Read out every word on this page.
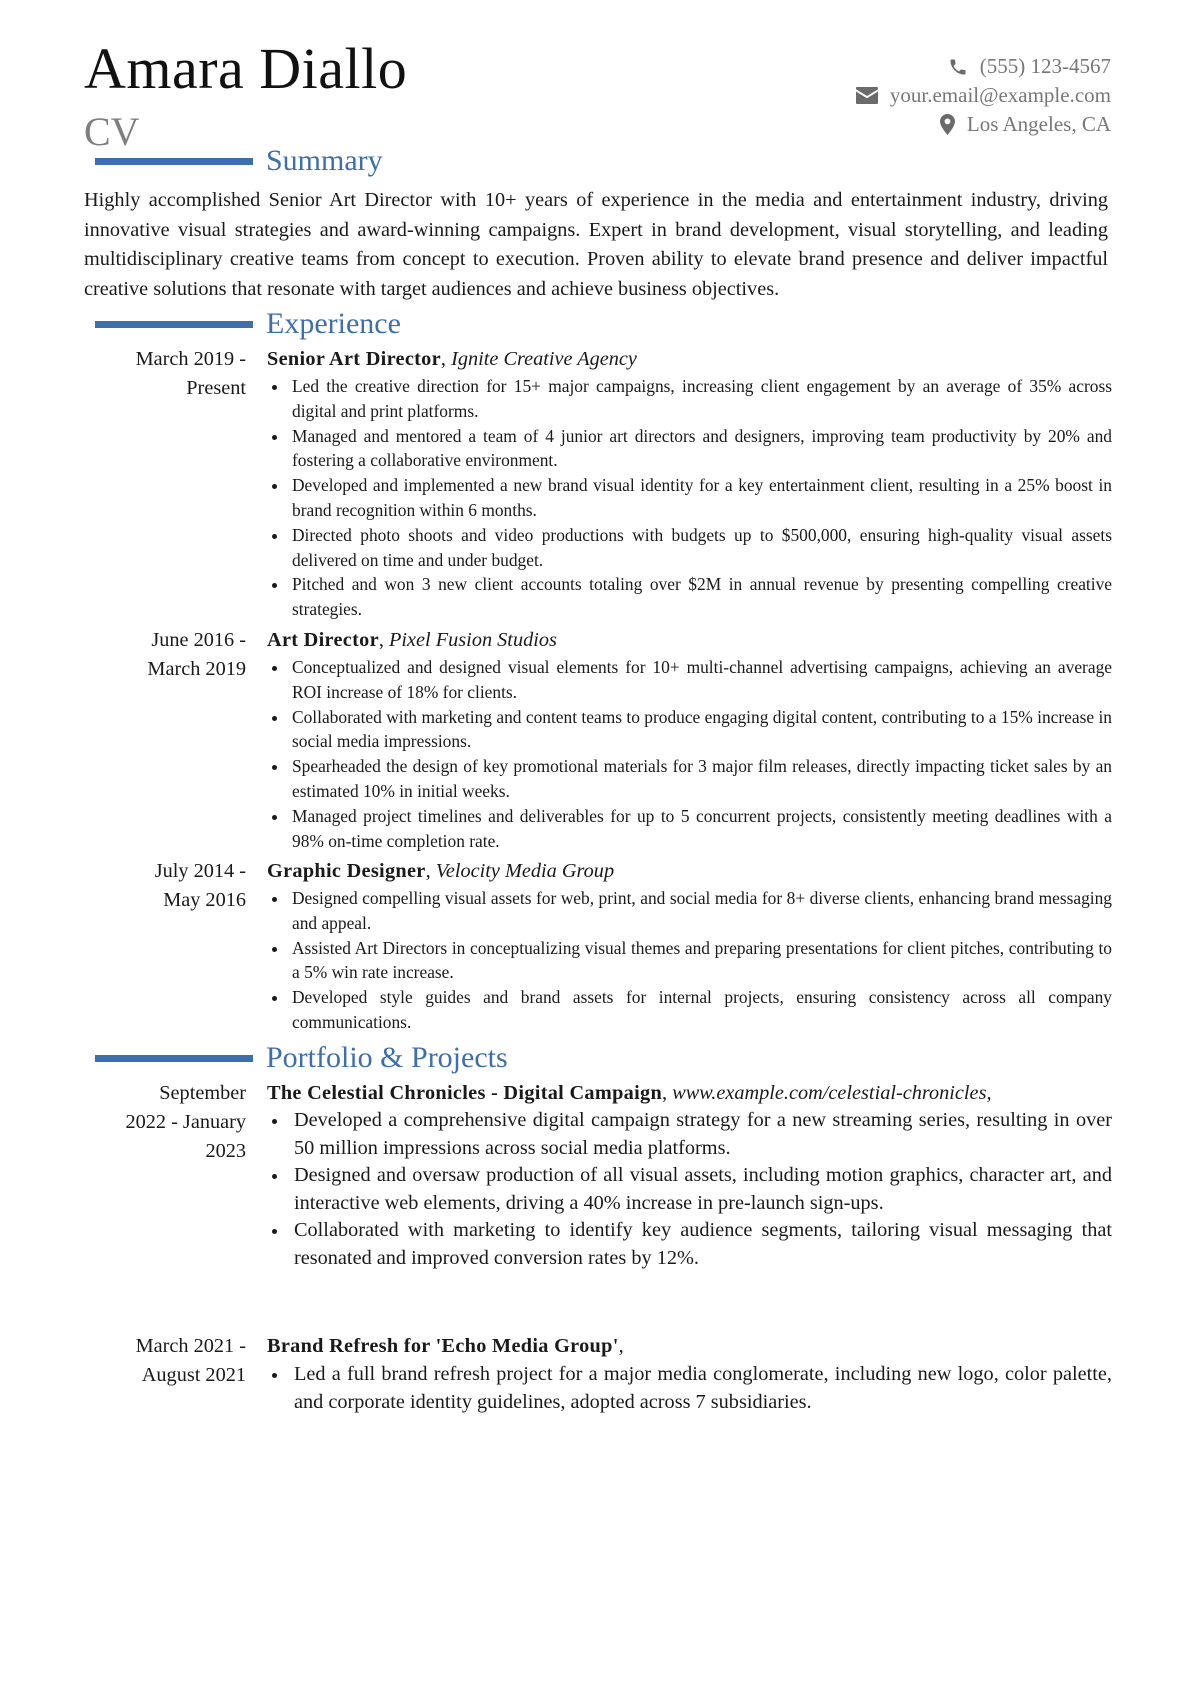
Amara Diallo
CV
(555) 123-4567
your.email@example.com
Los Angeles, CA
Summary
Highly accomplished Senior Art Director with 10+ years of experience in the media and entertainment industry, driving innovative visual strategies and award-winning campaigns. Expert in brand development, visual storytelling, and leading multidisciplinary creative teams from concept to execution. Proven ability to elevate brand presence and deliver impactful creative solutions that resonate with target audiences and achieve business objectives.
Experience
March 2019 -
Present
Senior Art Director, Ignite Creative Agency
Led the creative direction for 15+ major campaigns, increasing client engagement by an average of 35% across digital and print platforms.
Managed and mentored a team of 4 junior art directors and designers, improving team productivity by 20% and fostering a collaborative environment.
Developed and implemented a new brand visual identity for a key entertainment client, resulting in a 25% boost in brand recognition within 6 months.
Directed photo shoots and video productions with budgets up to $500,000, ensuring high-quality visual assets delivered on time and under budget.
Pitched and won 3 new client accounts totaling over $2M in annual revenue by presenting compelling creative strategies.
June 2016 -
March 2019
Art Director, Pixel Fusion Studios
Conceptualized and designed visual elements for 10+ multi-channel advertising campaigns, achieving an average ROI increase of 18% for clients.
Collaborated with marketing and content teams to produce engaging digital content, contributing to a 15% increase in social media impressions.
Spearheaded the design of key promotional materials for 3 major film releases, directly impacting ticket sales by an estimated 10% in initial weeks.
Managed project timelines and deliverables for up to 5 concurrent projects, consistently meeting deadlines with a 98% on-time completion rate.
July 2014 -
May 2016
Graphic Designer, Velocity Media Group
Designed compelling visual assets for web, print, and social media for 8+ diverse clients, enhancing brand messaging and appeal.
Assisted Art Directors in conceptualizing visual themes and preparing presentations for client pitches, contributing to a 5% win rate increase.
Developed style guides and brand assets for internal projects, ensuring consistency across all company communications.
Portfolio & Projects
September
2022 - January
2023
The Celestial Chronicles - Digital Campaign, www.example.com/celestial-chronicles,
Developed a comprehensive digital campaign strategy for a new streaming series, resulting in over 50 million impressions across social media platforms.
Designed and oversaw production of all visual assets, including motion graphics, character art, and interactive web elements, driving a 40% increase in pre-launch sign-ups.
Collaborated with marketing to identify key audience segments, tailoring visual messaging that resonated and improved conversion rates by 12%.
March 2021 -
August 2021
Brand Refresh for 'Echo Media Group',
Led a full brand refresh project for a major media conglomerate, including new logo, color palette, and corporate identity guidelines, adopted across 7 subsidiaries.
